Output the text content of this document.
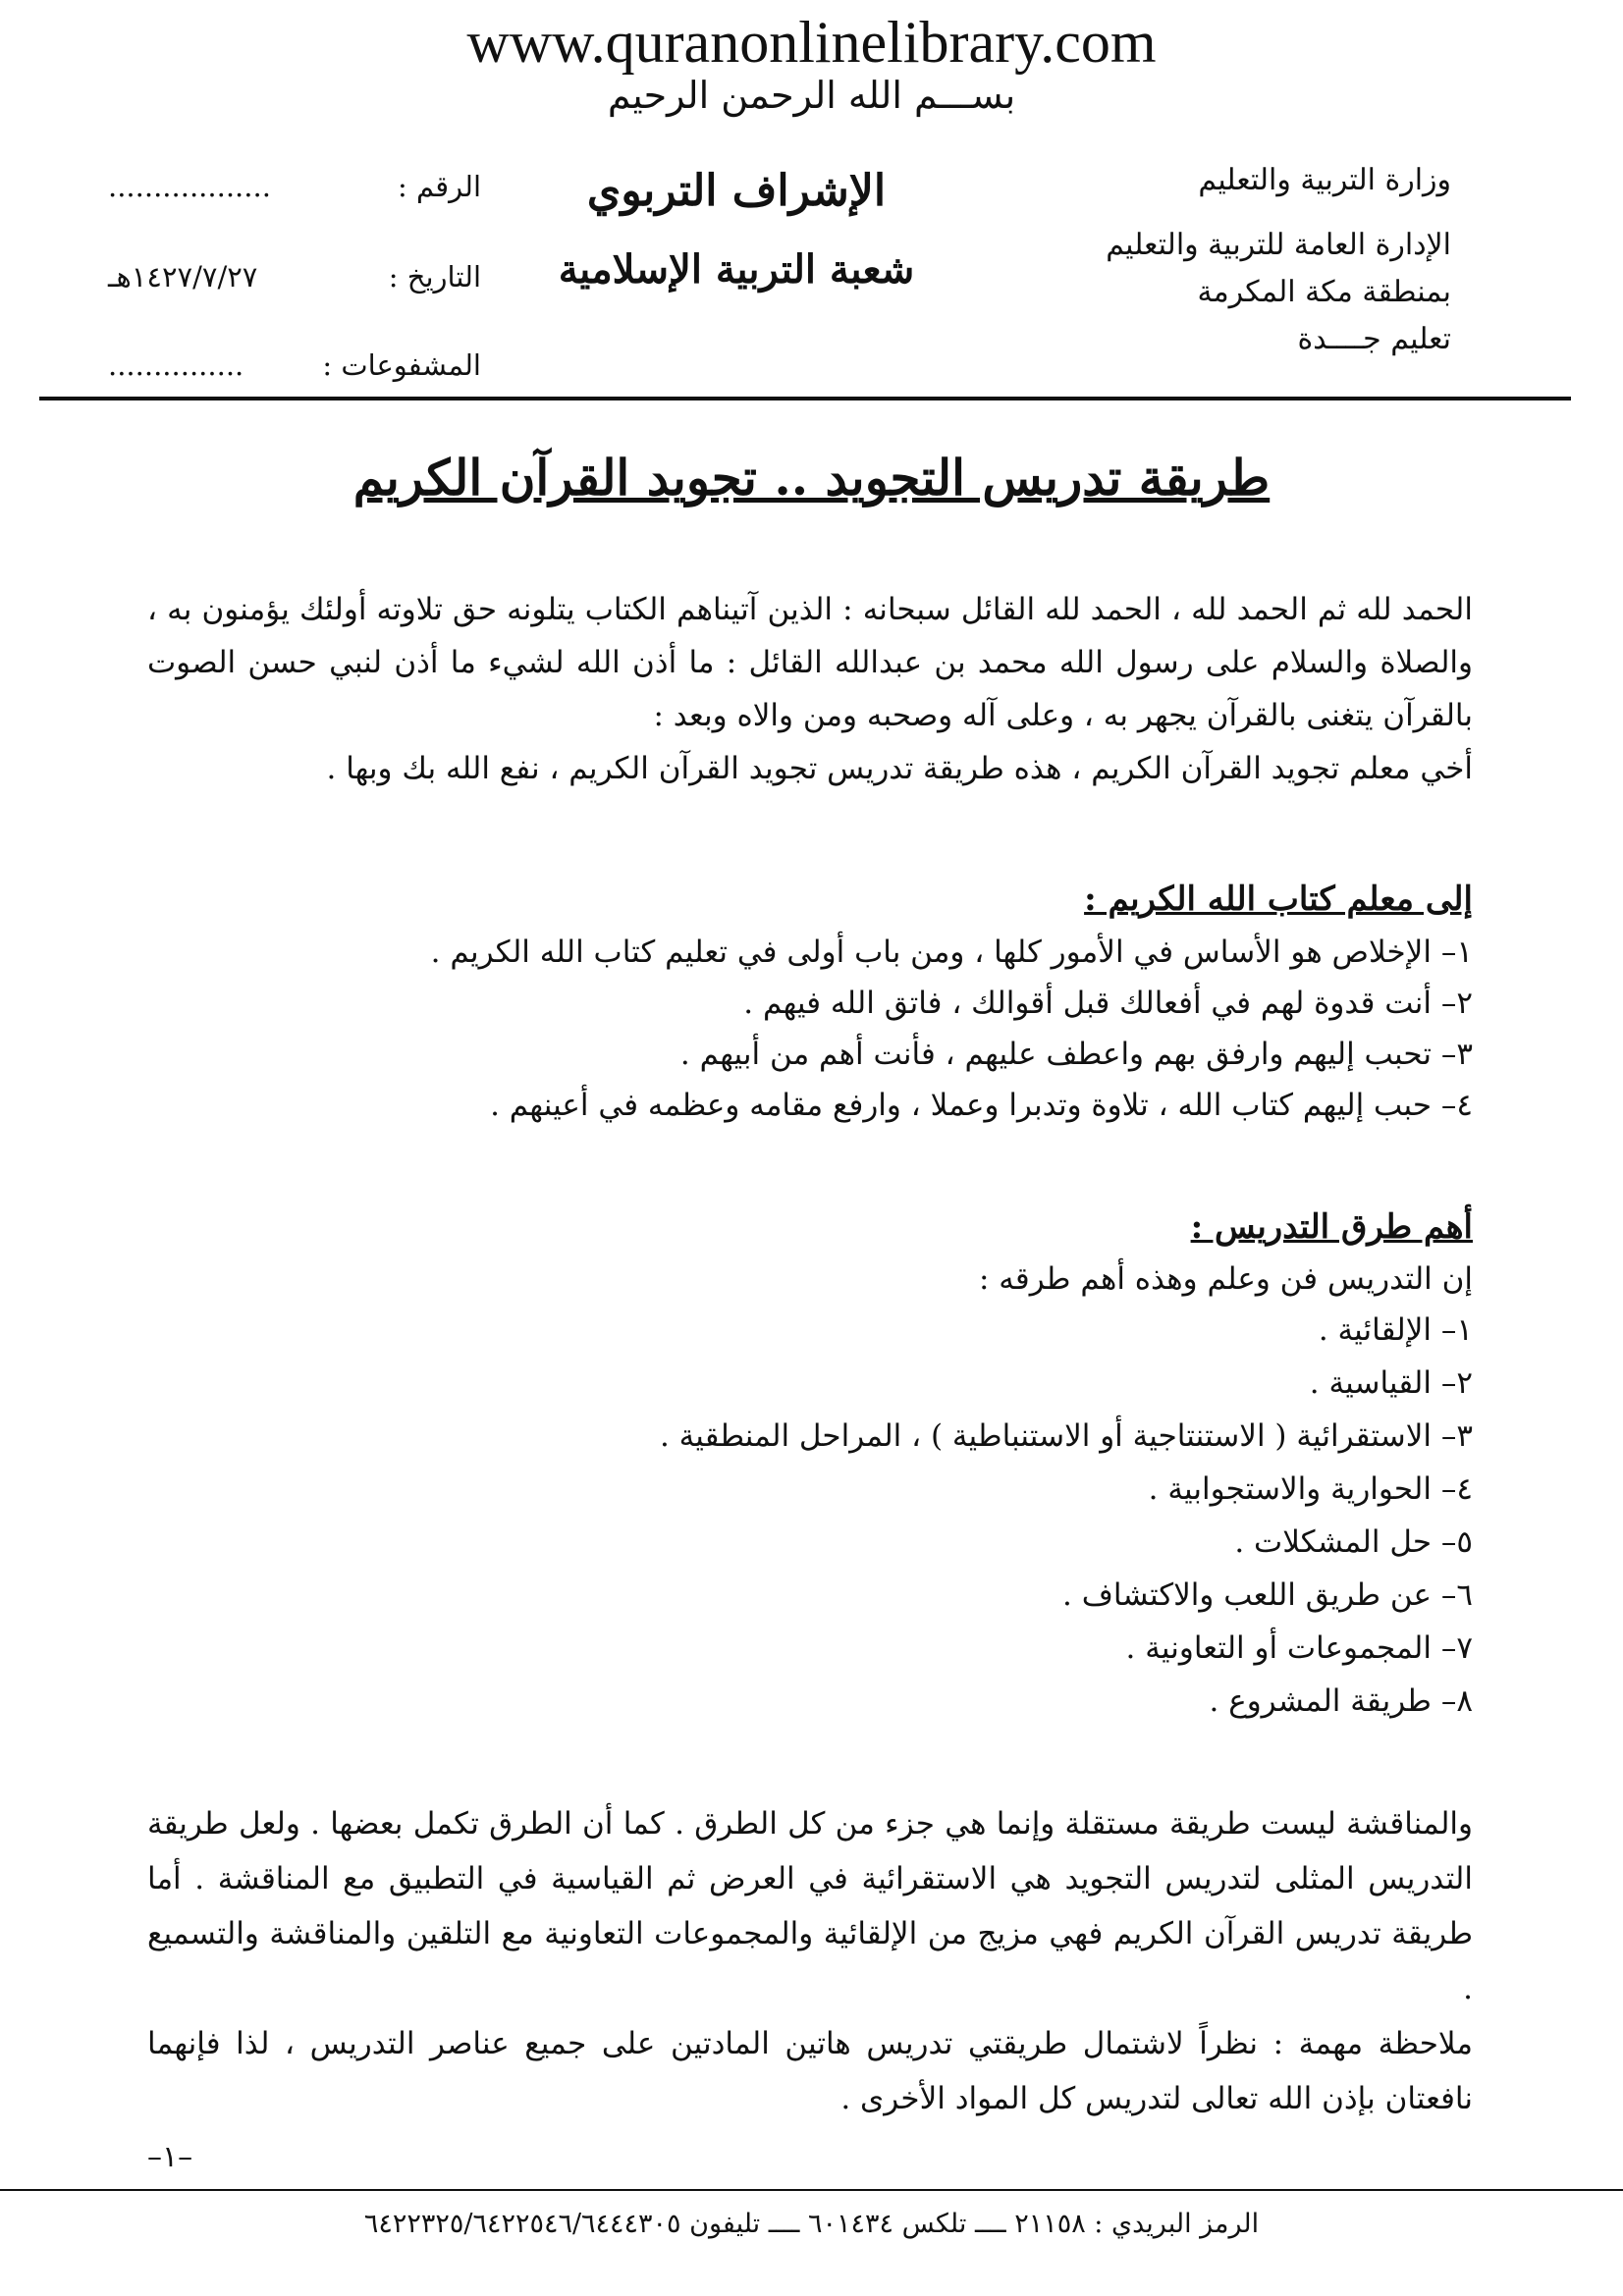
www.quranonlinelibrary.com
بســـم الله الرحمن الرحيم
وزارة التربية والتعليم
الإدارة العامة للتربية والتعليم
بمنطقة مكة المكرمة
تعليم جــــدة
الإشراف التربوي
شعبة التربية الإسلامية
الرقم :
..................
التاريخ :
١٤٢٧/٧/٢٧هـ
المشفوعات :
...............
طريقة تدريس التجويد .. تجويد القرآن الكريم
الحمد لله ثم الحمد لله ، الحمد لله القائل سبحانه : الذين آتيناهم الكتاب يتلونه حق تلاوته أولئك يؤمنون به ، والصلاة والسلام على رسول الله محمد بن عبدالله القائل : ما أذن الله لشيء ما أذن لنبي حسن الصوت بالقرآن يتغنى بالقرآن يجهر به ، وعلى آله وصحبه ومن والاه وبعد :
أخي معلم تجويد القرآن الكريم ، هذه طريقة تدريس تجويد القرآن الكريم ، نفع الله بك وبها .
إلى معلم كتاب الله الكريم :
١– الإخلاص هو الأساس في الأمور كلها ، ومن باب أولى في تعليم كتاب الله الكريم .
٢– أنت قدوة لهم في أفعالك قبل أقوالك ، فاتق الله فيهم .
٣– تحبب إليهم وارفق بهم واعطف عليهم ، فأنت أهم من أبيهم .
٤– حبب إليهم كتاب الله ، تلاوة وتدبرا وعملا ، وارفع مقامه وعظمه في أعينهم .
أهم طرق التدريس :
إن التدريس فن وعلم وهذه أهم طرقه :
١– الإلقائية .
٢– القياسية .
٣– الاستقرائية ( الاستنتاجية أو الاستنباطية ) ، المراحل المنطقية .
٤– الحوارية والاستجوابية .
٥– حل المشكلات .
٦– عن طريق اللعب والاكتشاف .
٧– المجموعات أو التعاونية .
٨– طريقة المشروع .
والمناقشة ليست طريقة مستقلة وإنما هي جزء من كل الطرق . كما أن الطرق تكمل بعضها . ولعل طريقة التدريس المثلى لتدريس التجويد هي الاستقرائية في العرض ثم القياسية في التطبيق مع المناقشة . أما طريقة تدريس القرآن الكريم فهي مزيج من الإلقائية والمجموعات التعاونية مع التلقين والمناقشة والتسميع .
ملاحظة مهمة : نظراً لاشتمال طريقتي تدريس هاتين المادتين على جميع عناصر التدريس ، لذا فإنهما نافعتان بإذن الله تعالى لتدريس كل المواد الأخرى .
–١–
الرمز البريدي : ٢١١٥٨ ــــ تلكس ٦٠١٤٣٤ ــــ تليفون ٦٤٢٢٣٢٥/٦٤٢٢٥٤٦/٦٤٤٤٣٠٥
